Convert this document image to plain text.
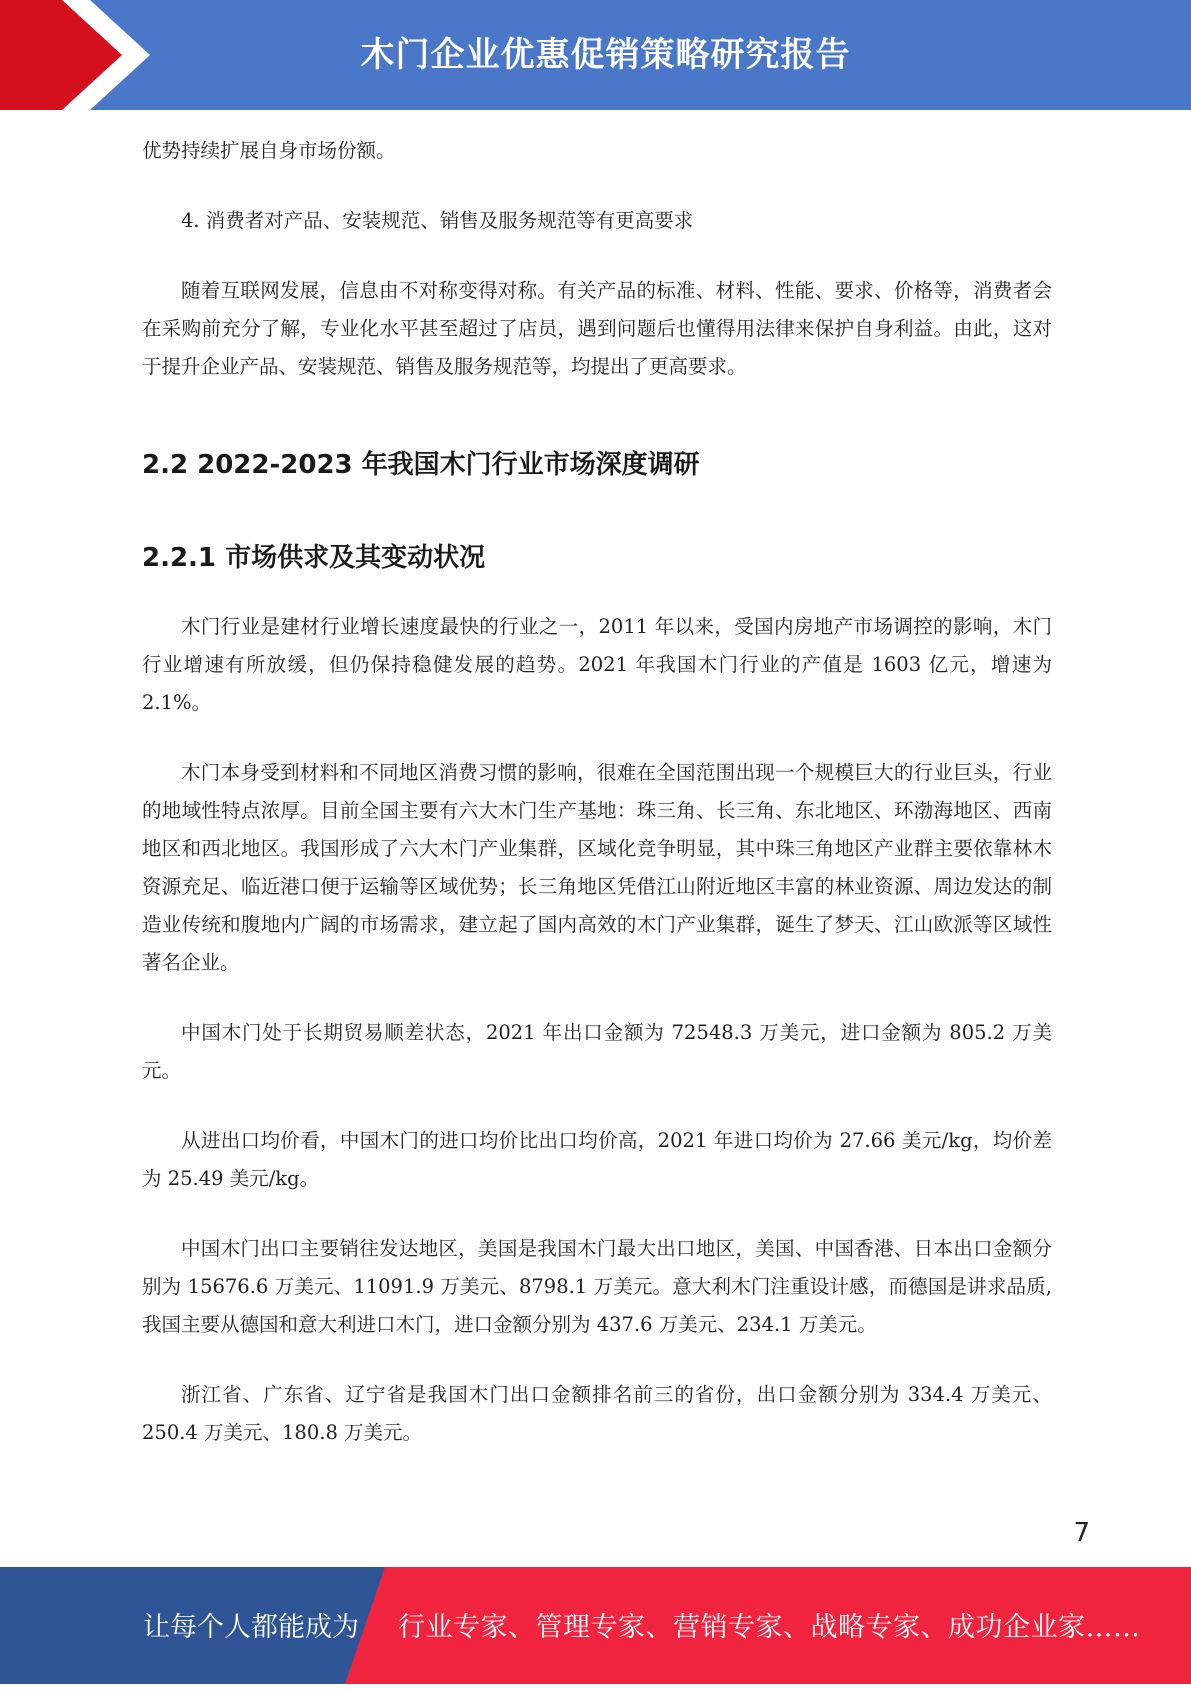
木门企业优惠促销策略研究报告

优势持续扩展自身市场份额。

4. 消费者对产品、安装规范、销售及服务规范等有更高要求

随着互联网发展，信息由不对称变得对称。有关产品的标准、材料、性能、要求、价格等，消费者会在采购前充分了解，专业化水平甚至超过了店员，遇到问题后也懂得用法律来保护自身利益。由此，这对于提升企业产品、安装规范、销售及服务规范等，均提出了更高要求。

2.2 2022-2023 年我国木门行业市场深度调研
2.2.1 市场供求及其变动状况

木门行业是建材行业增长速度最快的行业之一，2011 年以来，受国内房地产市场调控的影响，木门行业增速有所放缓，但仍保持稳健发展的趋势。2021 年我国木门行业的产值是 1603 亿元，增速为 2.1%。

木门本身受到材料和不同地区消费习惯的影响，很难在全国范围出现一个规模巨大的行业巨头，行业的地域性特点浓厚。目前全国主要有六大木门生产基地：珠三角、长三角、东北地区、环渤海地区、西南地区和西北地区。我国形成了六大木门产业集群，区域化竞争明显，其中珠三角地区产业群主要依靠林木资源充足、临近港口便于运输等区域优势；长三角地区凭借江山附近地区丰富的林业资源、周边发达的制造业传统和腹地内广阔的市场需求，建立起了国内高效的木门产业集群，诞生了梦天、江山欧派等区域性著名企业。

中国木门处于长期贸易顺差状态，2021 年出口金额为 72548.3 万美元，进口金额为 805.2 万美元。

从进出口均价看，中国木门的进口均价比出口均价高，2021 年进口均价为 27.66 美元/kg，均价差为 25.49 美元/kg。

中国木门出口主要销往发达地区，美国是我国木门最大出口地区，美国、中国香港、日本出口金额分别为 15676.6 万美元、11091.9 万美元、8798.1 万美元。意大利木门注重设计感，而德国是讲求品质,我国主要从德国和意大利进口木门，进口金额分别为 437.6 万美元、234.1 万美元。

浙江省、广东省、辽宁省是我国木门出口金额排名前三的省份，出口金额分别为 334.4 万美元、250.4 万美元、180.8 万美元。

7
让每个人都能成为 行业专家、管理专家、营销专家、战略专家、成功企业家……
